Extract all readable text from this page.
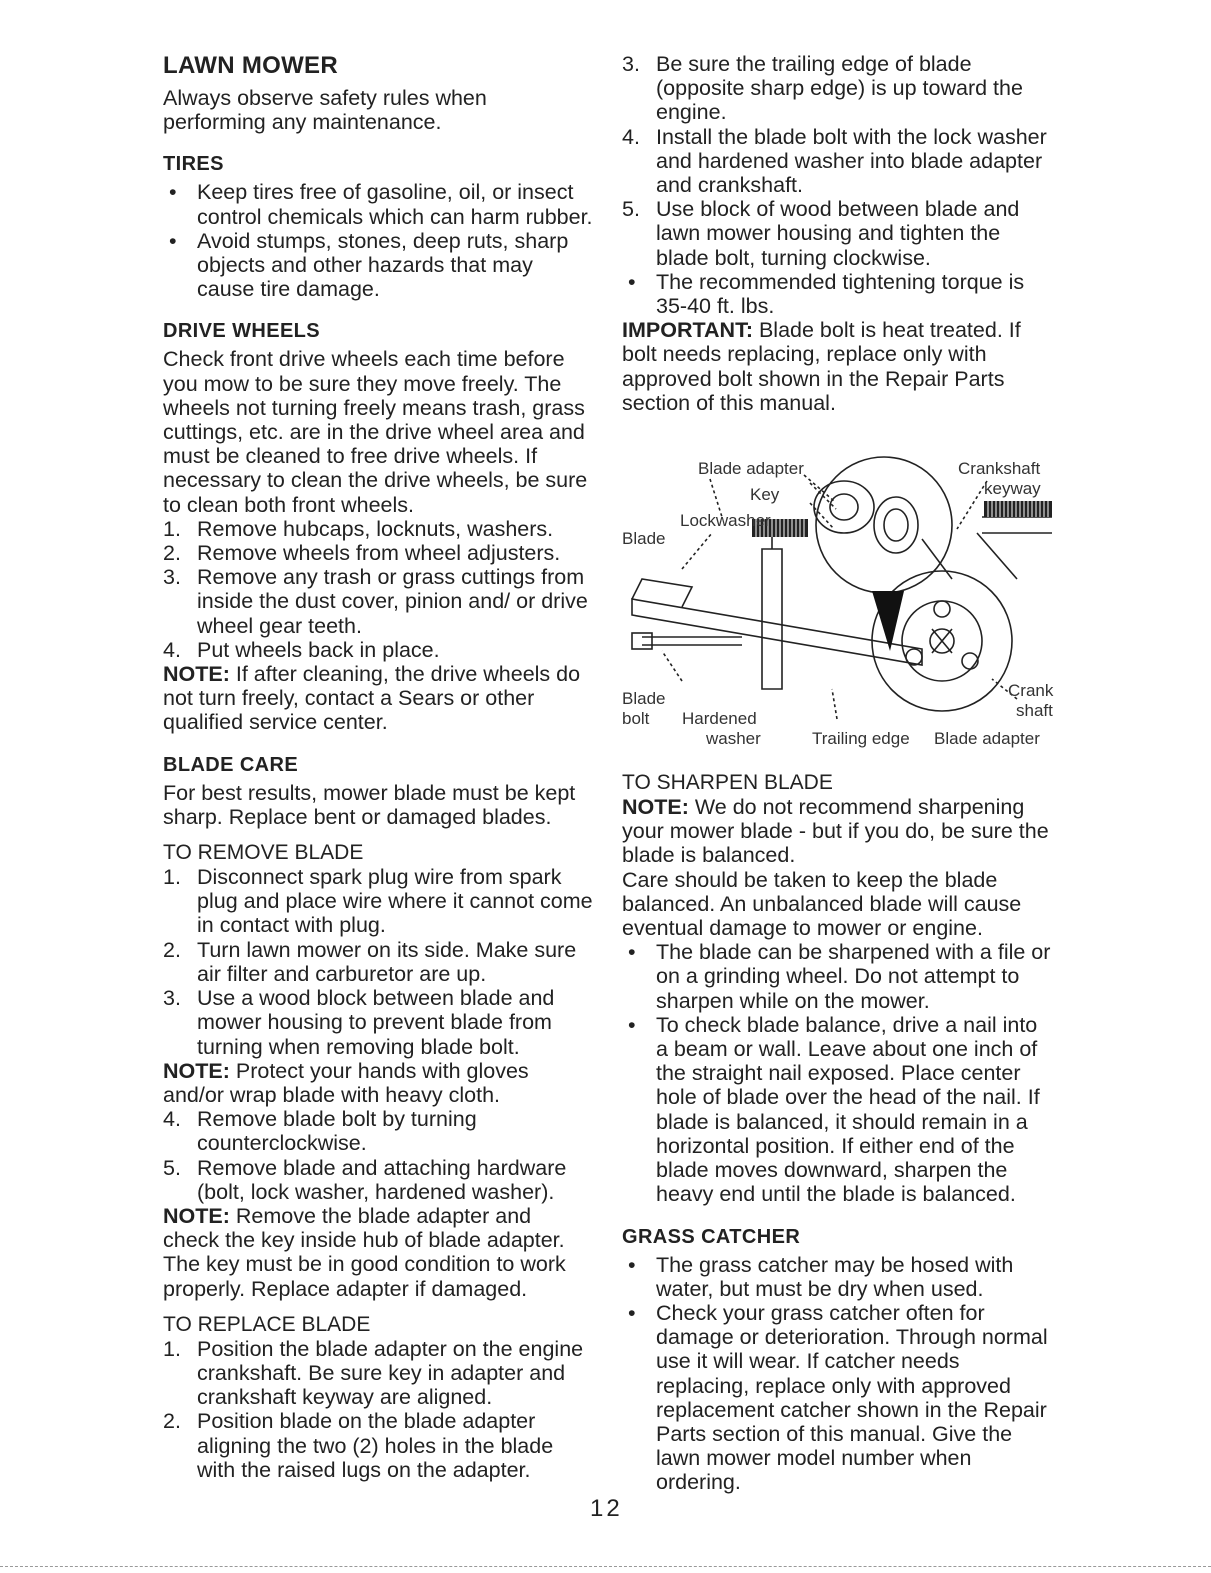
LAWN MOWER

Always observe safety rules when performing any maintenance.

TIRES
• Keep tires free of gasoline, oil, or insect control chemicals which can harm rubber.
• Avoid stumps, stones, deep ruts, sharp objects and other hazards that may cause tire damage.
DRIVE WHEELS

Check front drive wheels each time before you mow to be sure they move freely. The wheels not turning freely means trash, grass cuttings, etc. are in the drive wheel area and must be cleaned to free drive wheels. If necessary to clean the drive wheels, be sure to clean both front wheels.

1. Remove hubcaps, locknuts, washers.
2. Remove wheels from wheel adjusters.
3. Remove any trash or grass cuttings from inside the dust cover, pinion and/ or drive wheel gear teeth.
4. Put wheels back in place.

NOTE: If after cleaning, the drive wheels do not turn freely, contact a Sears or other qualified service center.

BLADE CARE

For best results, mower blade must be kept sharp. Replace bent or damaged blades.

TO REMOVE BLADE
1. Disconnect spark plug wire from spark plug and place wire where it cannot come in contact with plug.
2. Turn lawn mower on its side. Make sure air filter and carburetor are up.
3. Use a wood block between blade and mower housing to prevent blade from turning when removing blade bolt.

NOTE: Protect your hands with gloves and/or wrap blade with heavy cloth.

4. Remove blade bolt by turning counterclockwise.
5. Remove blade and attaching hardware (bolt, lock washer, hardened washer).

NOTE: Remove the blade adapter and check the key inside hub of blade adapter. The key must be in good condition to work properly. Replace adapter if damaged.

TO REPLACE BLADE
1. Position the blade adapter on the engine crankshaft. Be sure key in adapter and crankshaft keyway are aligned.
2. Position blade on the blade adapter aligning the two (2) holes in the blade with the raised lugs on the adapter.
3. Be sure the trailing edge of blade (opposite sharp edge) is up toward the engine.
4. Install the blade bolt with the lock washer and hardened washer into blade adapter and crankshaft.
5. Use block of wood between blade and lawn mower housing and tighten the blade bolt, turning clockwise.
• The recommended tightening torque is 35-40 ft. lbs.

IMPORTANT: Blade bolt is heat treated. If bolt needs replacing, replace only with approved bolt shown in the Repair Parts section of this manual.

Blade adapter
Key
Lockwasher
Blade
Crankshaft
keyway
Blade
bolt Hardened
washer	Trailing edge Blade adapter
Crank
shaft
TO SHARPEN BLADE

NOTE: We do not recommend sharpening your mower blade - but if you do, be sure the blade is balanced.

Care should be taken to keep the blade balanced. An unbalanced blade will cause eventual damage to mower or engine.

• The blade can be sharpened with a file or on a grinding wheel. Do not attempt to sharpen while on the mower.
• To check blade balance, drive a nail into a beam or wall. Leave about one inch of the straight nail exposed. Place center hole of blade over the head of the nail. If blade is balanced, it should remain in a horizontal position. If either end of the blade moves downward, sharpen the heavy end until the blade is balanced.
GRASS CATCHER
• The grass catcher may be hosed with water, but must be dry when used.
• Check your grass catcher often for damage or deterioration. Through normal use it will wear. If catcher needs replacing, replace only with approved replacement catcher shown in the Repair Parts section of this manual. Give the lawn mower model number when ordering.
12
